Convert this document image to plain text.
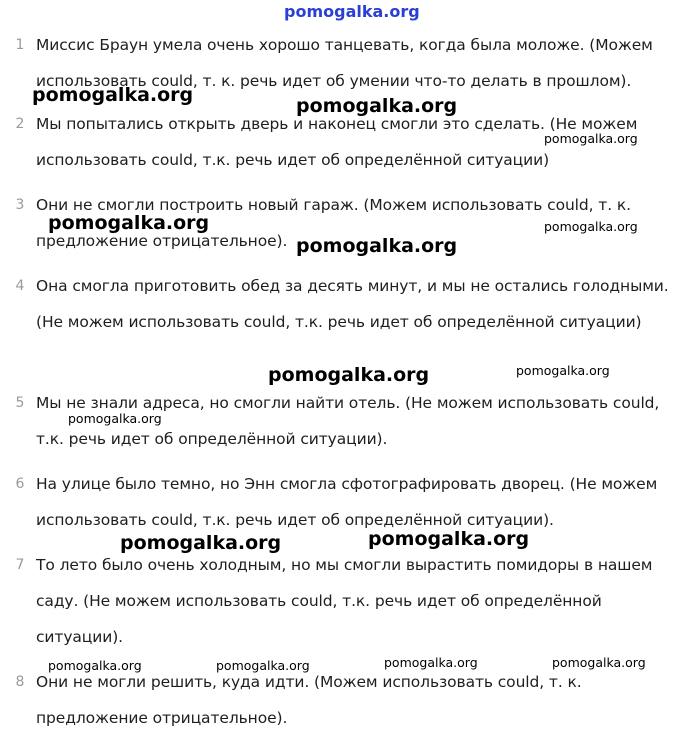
pomogalka.org
1 Миссис Браун умела очень хорошо танцевать, когда была моложе. (Можем использовать could, т. к. речь идет об умении что-то делать в прошлом).
2 Мы попытались открыть дверь и наконец смогли это сделать. (Не можем использовать could, т.к. речь идет об определённой ситуации)
3 Они не смогли построить новый гараж. (Можем использовать could, т. к. предложение отрицательное).
4 Она смогла приготовить обед за десять минут, и мы не остались голодными. (Не можем использовать could, т.к. речь идет об определённой ситуации)
5 Мы не знали адреса, но смогли найти отель. (Не можем использовать could, т.к. речь идет об определённой ситуации).
6 На улице было темно, но Энн смогла сфотографировать дворец. (Не можем использовать could, т.к. речь идет об определённой ситуации).
7 То лето было очень холодным, но мы смогли вырастить помидоры в нашем саду. (Не можем использовать could, т.к. речь идет об определённой ситуации).
8 Они не могли решить, куда идти. (Можем использовать could, т. к. предложение отрицательное).
pomogalka.org	pomogalka.org
pomogalka.org
pomogalka.org	pomogalka.org
pomogalka.org
pomogalka.org	pomogalka.org
pomogalka.org
pomogalka.org	pomogalka.org
pomogalka.org	pomogalka.org	pomogalka.org	pomogalka.org
